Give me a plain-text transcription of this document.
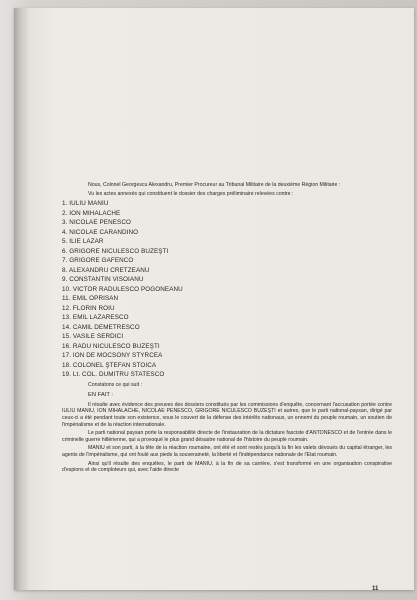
Nous, Colonel Georgescu Alexandru, Premier Procureur au Tribunal Militaire de la deuxième Région Militaire :

Vu les actes annexés qui constituent le dossier des charges préliminaire relevées contre :

1. IULIU MANIU
2. ION MIHALACHE
3. NICOLAE PENESCO
4. NICOLAE CARANDINO
5. ILIE LAZAR
6. GRIGORE NICULESCO BUZEŞTI
7. GRIGORE GAFENCO
8. ALEXANDRU CRETZEANU
9. CONSTANTIN VISOIANU
10. VICTOR RADULESCO POGONEANU
11. EMIL OPRISAN
12. FLORIN ROIU
13. EMIL LAZARESCO
14. CAMIL DEMETRESCO
15. VASILE SERDICI
16. RADU NICULESCO BUZEŞTI
17. ION DE MOCSONY STYRCEA
18. COLONEL ŞTEFAN STOICA
19. Lt. COL. DUMITRU STATESCO
Constatons ce qui suit :
EN FAIT :

Il résulte avec évidence des preuves des dossiers constitués par les commissions d'enquête, concernant l'accusation portée contre IULIU MANIU, ION MIHALACHE, NICOLAE PENESCO, GRIGORE NICULESCO BUZEŞTI et autres, que le parti national-paysan, dirigé par ceux-ci a été pendant toute son existence, sous le couvert de la défense des intérêts nationaux, un ennemi du peuple roumain, un soutien de l'impérialisme et de la réaction internationale.

Le parti national paysan porte la responsabilité directe de l'instauration de la dictature fasciste d'ANTONESCO et de l'entrée dans le criminelle guerre hitlérienne, qui a provoqué le plus grand désastre national de l'histoire du peuple roumain.

MANIU et son parti, à la tête de la réaction roumaine, ont été et sont restés jusqu'à la fin les valets dévoués du capital étranger, les agents de l'impérialisme, qui ont foulé aux pieds la souveraineté, la liberté et l'indépendance nationale de l'Etat roumain.

Ainsi qu'il résulte des enquêtes, le parti de MANIU, à la fin de sa carrière, s'est transformé en une organisation conspirative d'espions et de comploteurs qui, avec l'aide directe

11
